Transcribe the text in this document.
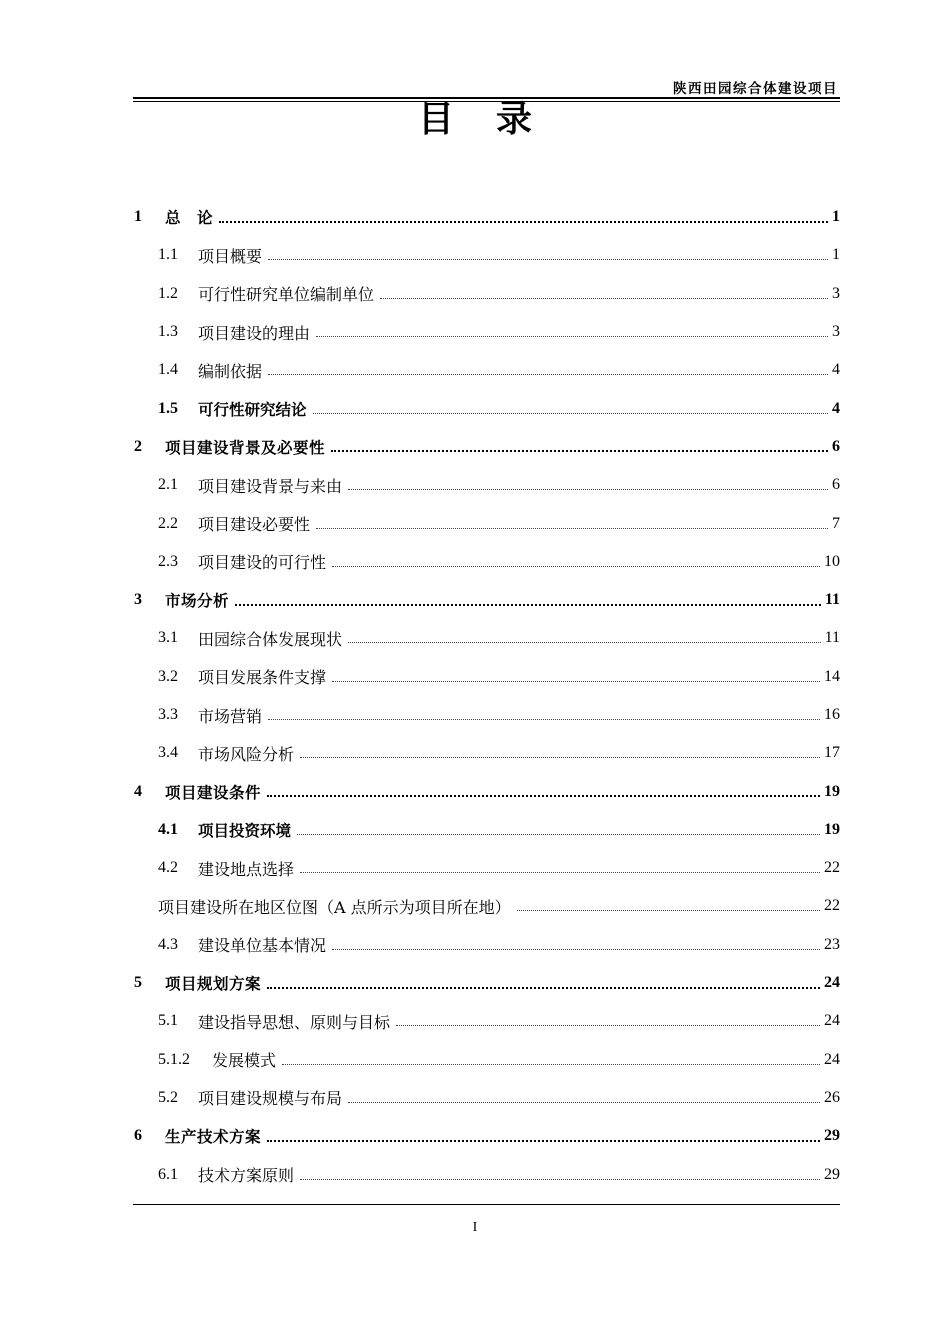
陕西田园综合体建设项目
目录
1	总　论	1
1.1	项目概要	1
1.2	可行性研究单位编制单位	3
1.3	项目建设的理由	3
1.4	编制依据	4
1.5	可行性研究结论	4
2	项目建设背景及必要性	6
2.1	项目建设背景与来由	6
2.2	项目建设必要性	7
2.3	项目建设的可行性	10
3	市场分析	11
3.1	田园综合体发展现状	11
3.2	项目发展条件支撑	14
3.3	市场营销	16
3.4	市场风险分析	17
4	项目建设条件	19
4.1	项目投资环境	19
4.2	建设地点选择	22
项目建设所在地区位图（A 点所示为项目所在地）	22
4.3	建设单位基本情况	23
5	项目规划方案	24
5.1	建设指导思想、原则与目标	24
5.1.2	发展模式	24
5.2	项目建设规模与布局	26
6	生产技术方案	29
6.1	技术方案原则	29
I
